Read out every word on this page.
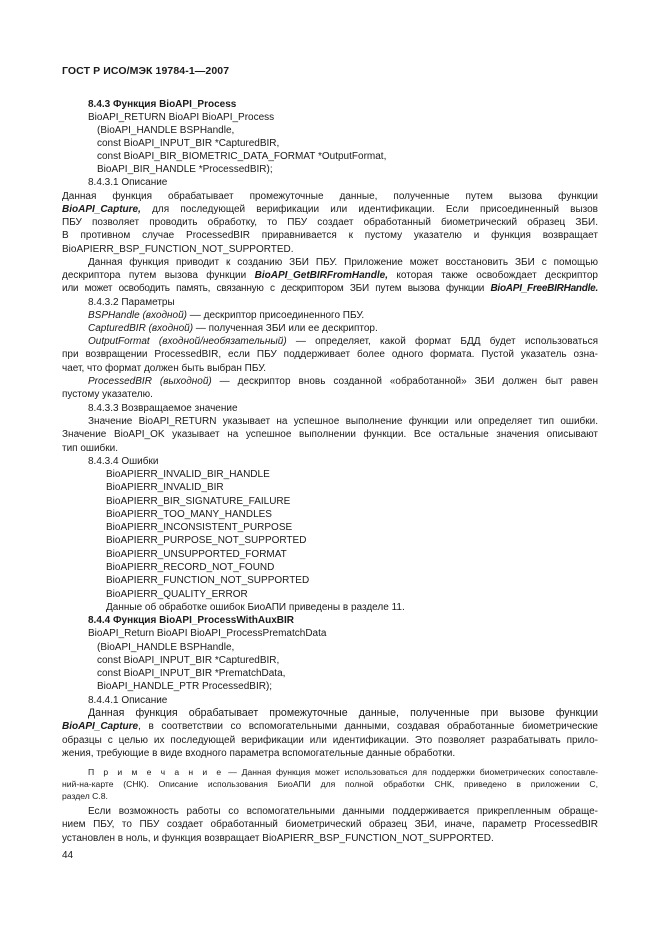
ГОСТ Р ИСО/МЭК 19784-1—2007
8.4.3 Функция BioAPI_Process
BioAPI_RETURN BioAPI BioAPI_Process
(BioAPI_HANDLE BSPHandle,
const BioAPI_INPUT_BIR *CapturedBIR,
const BioAPI_BIR_BIOMETRIC_DATA_FORMAT *OutputFormat,
BioAPI_BIR_HANDLE *ProcessedBIR);
8.4.3.1 Описание
Данная функция обрабатывает промежуточные данные, полученные путем вызова функции
BioAPI_Capture, для последующей верификации или идентификации. Если присоединенный вызов
ПБУ позволяет проводить обработку, то ПБУ создает обработанный биометрический образец ЗБИ.
В противном случае ProcessedBIR приравнивается к пустому указателю и функция возвращает
BioAPIERR_BSP_FUNCTION_NOT_SUPPORTED.
Данная функция приводит к созданию ЗБИ ПБУ. Приложение может восстановить ЗБИ с помощью
дескриптора путем вызова функции BioAPI_GetBIRFromHandle, которая также освобождает дескриптор
или может освободить память, связанную с дескриптором ЗБИ путем вызова функции BioAPI_FreeBIRHandle.
8.4.3.2 Параметры
BSPHandle (входной) –– дескриптор присоединенного ПБУ.
CapturedBIR (входной) — полученная ЗБИ или ее дескриптор.
OutputFormat (входной/необязательный) — определяет, какой формат БДД будет использоваться
при возвращении ProcessedBIR, если ПБУ поддерживает более одного формата. Пустой указатель озна-
чает, что формат должен быть выбран ПБУ.
ProcessedBIR (выходной) — дескриптор вновь созданной «обработанной» ЗБИ должен быт равен
пустому указателю.
8.4.3.3 Возвращаемое значение
Значение BioAPI_RETURN указывает на успешное выполнение функции или определяет тип ошибки.
Значение BioAPI_OK указывает на успешное выполнении функции. Все остальные значения описывают
тип ошибки.
8.4.3.4 Ошибки
BioAPIERR_INVALID_BIR_HANDLE
BioAPIERR_INVALID_BIR
BioAPIERR_BIR_SIGNATURE_FAILURE
BioAPIERR_TOO_MANY_HANDLES
BioAPIERR_INCONSISTENT_PURPOSE
BioAPIERR_PURPOSE_NOT_SUPPORTED
BioAPIERR_UNSUPPORTED_FORMAT
BioAPIERR_RECORD_NOT_FOUND
BioAPIERR_FUNCTION_NOT_SUPPORTED
BioAPIERR_QUALITY_ERROR
Данные об обработке ошибок БиоАПИ приведены в разделе 11.
8.4.4 Функция BioAPI_ProcessWithAuxBIR
BioAPI_Return BioAPI BioAPI_ProcessPrematchData
(BioAPI_HANDLE BSPHandle,
const BioAPI_INPUT_BIR *CapturedBIR,
const BioAPI_INPUT_BIR *PrematchData,
BioAPI_HANDLE_PTR ProcessedBIR);
8.4.4.1 Описание
Данная функция обрабатывает промежуточные данные, полученные при вызове функции
BioAPI_Capture, в соответствии со вспомогательными данными, создавая обработанные биометрические
образцы с целью их последующей верификации или идентификации. Это позволяет разрабатывать прило-
жения, требующие в виде входного параметра вспомогательные данные обработки.
П р и м е ч а н и е — Данная функция может использоваться для поддержки биометрических сопоставле-
ний-на-карте (СНК). Описание использования БиоАПИ для полной обработки СНК, приведено в приложении С,
раздел С.8.
Если возможность работы со вспомогательными данными поддерживается прикрепленным обраще-
нием ПБУ, то ПБУ создает обработанный биометрический образец ЗБИ, иначе, параметр ProcessedBIR
установлен в ноль, и функция возвращает BioAPIERR_BSP_FUNCTION_NOT_SUPPORTED.
44
